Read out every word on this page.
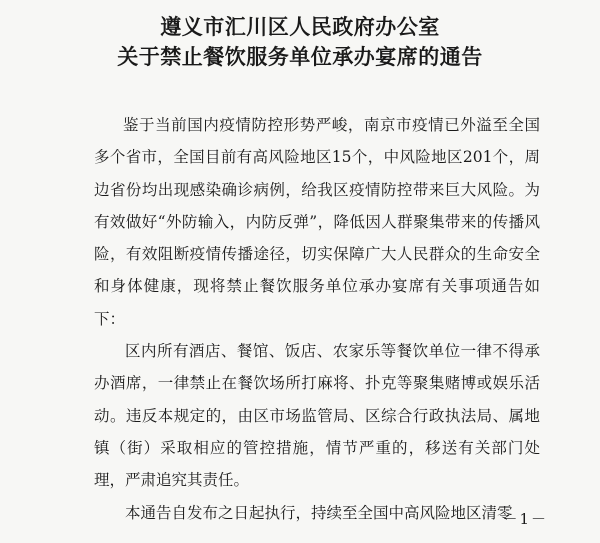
遵义市汇川区人民政府办公室
关于禁止餐饮服务单位承办宴席的通告

鉴于当前国内疫情防控形势严峻，南京市疫情已外溢至全国多个省市，全国目前有高风险地区15个，中风险地区201个，周边省份均出现感染确诊病例，给我区疫情防控带来巨大风险。为有效做好“外防输入，内防反弹”，降低因人群聚集带来的传播风险，有效阻断疫情传播途径，切实保障广大人民群众的生命安全和身体健康，现将禁止餐饮服务单位承办宴席有关事项通告如下：

区内所有酒店、餐馆、饭店、农家乐等餐饮单位一律不得承办酒席，一律禁止在餐饮场所打麻将、扑克等聚集赌博或娱乐活动。违反本规定的，由区市场监管局、区综合行政执法局、属地镇（街）采取相应的管控措施，情节严重的，移送有关部门处理，严肃追究其责任。

本通告自发布之日起执行，持续至全国中高风险地区清零

－1－
